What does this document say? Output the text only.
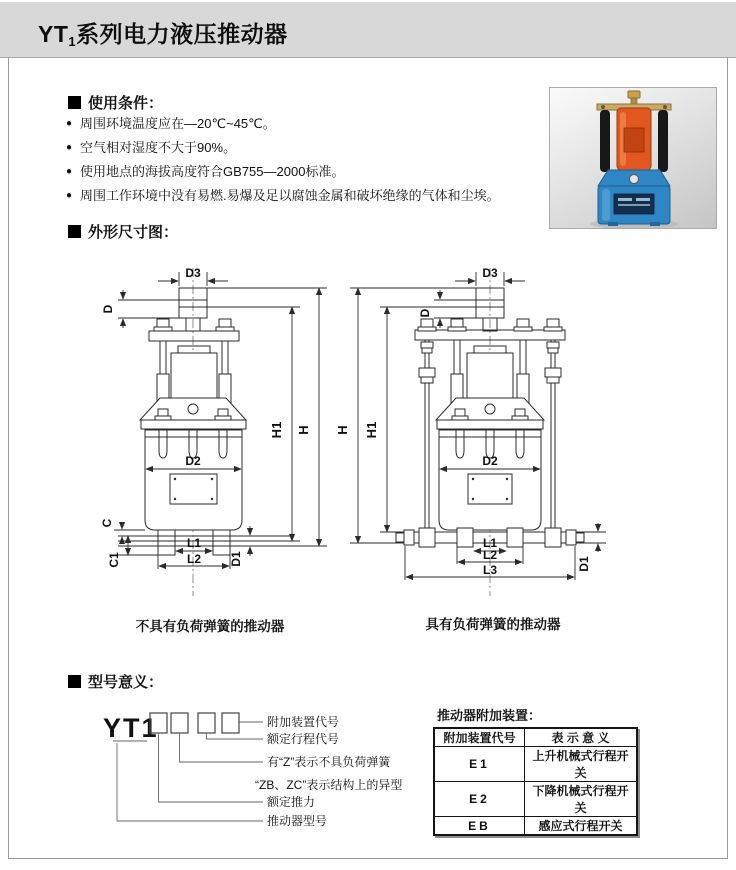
$YT_1$系列电力液压推动器
使用条件：
● 周围环境温度应在—20℃~45℃。
● 空气相对湿度不大于90%。
● 使用地点的海拔高度符合GB755—2000标准。
● 周围工作环境中没有易燃.易爆及足以腐蚀金属和破坏绝缘的气体和尘埃。
外形尺寸图：
D3
D
D2
C
C1
L1
L2 D1
H1 H
D3
D
D2
L1
L2
L3	D1
H H1
不具有负荷弹簧的推动器	具有负荷弹簧的推动器
型号意义：
YT1	附加装置代号
额定行程代号
有“Z”表示不具负荷弹簧
“ZB、ZC”表示结构上的异型
额定推力
推动器型号
推动器附加装置：
附加装置代号	表 示 意 义
E1	上升机械式行程开关
E2	下降机械式行程开关
EB	感应式行程开关
